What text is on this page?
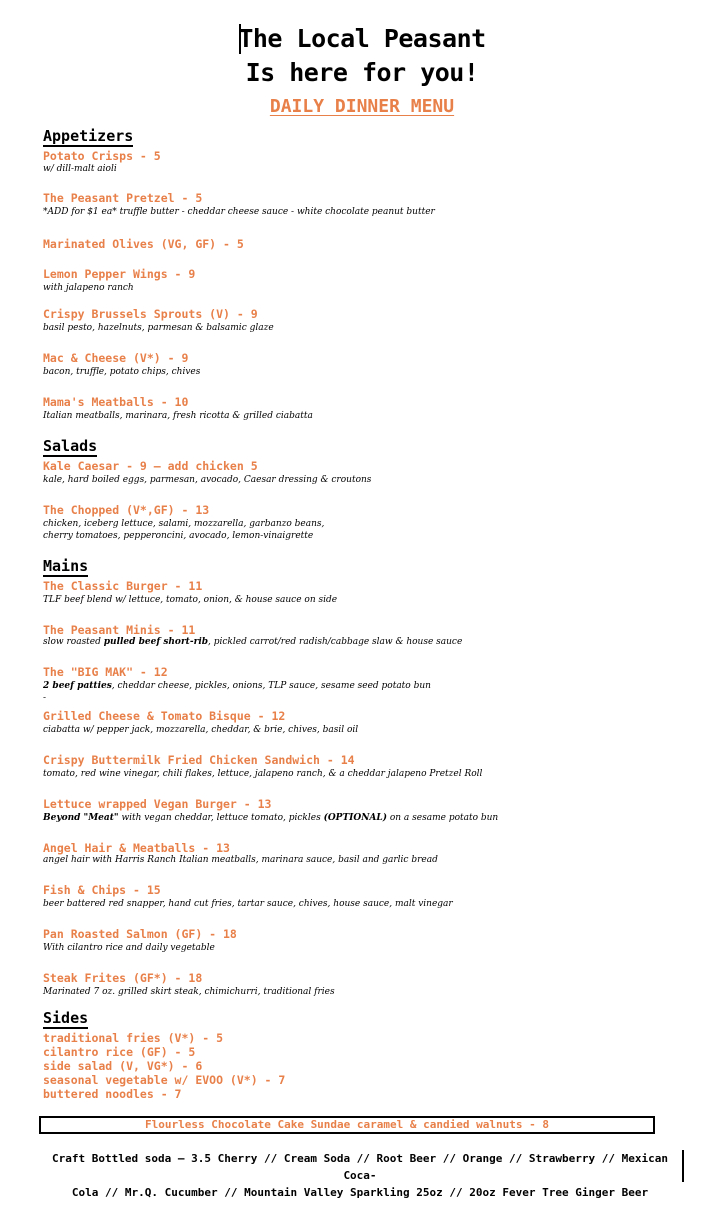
The Local Peasant
Is here for you!
DAILY DINNER MENU
Appetizers
Potato Crisps - 5
w/ dill-malt aioli
The Peasant Pretzel - 5
*ADD for $1 ea* truffle butter - cheddar cheese sauce - white chocolate peanut butter
Marinated Olives (VG, GF) - 5
Lemon Pepper Wings - 9
with jalapeno ranch
Crispy Brussels Sprouts (V) - 9
basil pesto, hazelnuts, parmesan & balsamic glaze
Mac & Cheese (V*) - 9
bacon, truffle, potato chips, chives
Mama's Meatballs - 10
Italian meatballs, marinara, fresh ricotta & grilled ciabatta
Salads
Kale Caesar - 9 – add chicken 5
kale, hard boiled eggs, parmesan, avocado, Caesar dressing & croutons
The Chopped (V*,GF) - 13
chicken, iceberg lettuce, salami, mozzarella, garbanzo beans,
cherry tomatoes, pepperoncini, avocado, lemon-vinaigrette
Mains
The Classic Burger - 11
TLF beef blend w/ lettuce, tomato, onion, & house sauce on side
The Peasant Minis - 11
slow roasted pulled beef short-rib, pickled carrot/red radish/cabbage slaw & house sauce
The "BIG MAK" - 12
2 beef patties, cheddar cheese, pickles, onions, TLP sauce, sesame seed potato bun
-
Grilled Cheese & Tomato Bisque - 12
ciabatta w/ pepper jack, mozzarella, cheddar, & brie, chives, basil oil
Crispy Buttermilk Fried Chicken Sandwich - 14
tomato, red wine vinegar, chili flakes, lettuce, jalapeno ranch, & a cheddar jalapeno Pretzel Roll
Lettuce wrapped Vegan Burger - 13
Beyond "Meat" with vegan cheddar, lettuce tomato, pickles (OPTIONAL) on a sesame potato bun
Angel Hair & Meatballs - 13
angel hair with Harris Ranch Italian meatballs, marinara sauce, basil and garlic bread
Fish & Chips - 15
beer battered red snapper, hand cut fries, tartar sauce, chives, house sauce, malt vinegar
Pan Roasted Salmon (GF) - 18
With cilantro rice and daily vegetable
Steak Frites (GF*) - 18
Marinated 7 oz. grilled skirt steak, chimichurri, traditional fries
Sides
traditional fries (V*) - 5
cilantro rice (GF) - 5
side salad (V, VG*) - 6
seasonal vegetable w/ EVOO (V*) - 7
buttered noodles - 7
Flourless Chocolate Cake Sundae caramel & candied walnuts - 8
Craft Bottled soda – 3.5 Cherry // Cream Soda // Root Beer // Orange // Strawberry // Mexican Coca-
Cola // Mr.Q. Cucumber // Mountain Valley Sparkling 25oz // 20oz Fever Tree Ginger Beer
